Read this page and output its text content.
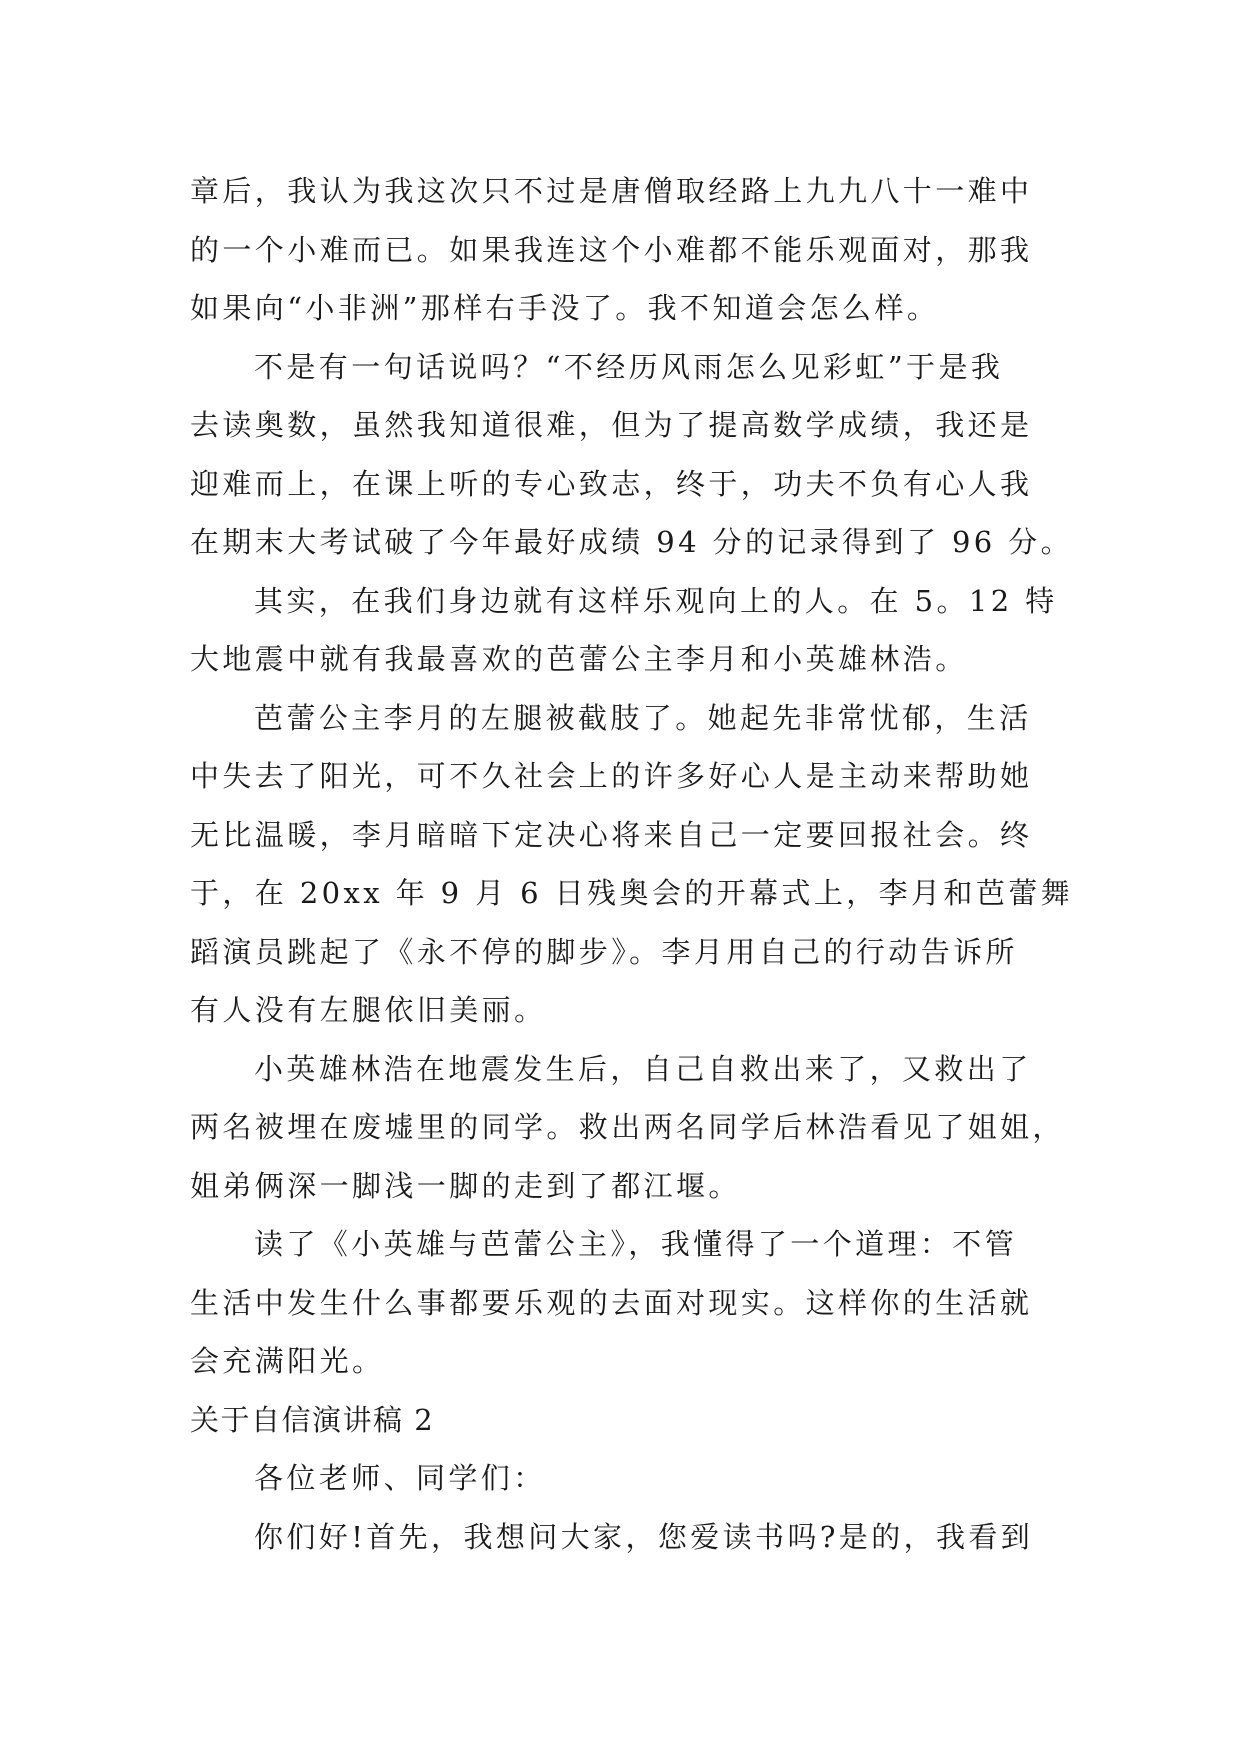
章后，我认为我这次只不过是唐僧取经路上九九八十一难中
的一个小难而已。如果我连这个小难都不能乐观面对，那我
如果向“小非洲”那样右手没了。我不知道会怎么样。
不是有一句话说吗？“不经历风雨怎么见彩虹”于是我
去读奥数，虽然我知道很难，但为了提高数学成绩，我还是
迎难而上，在课上听的专心致志，终于，功夫不负有心人我
在期末大考试破了今年最好成绩 94 分的记录得到了 96 分。
其实，在我们身边就有这样乐观向上的人。在 5。12 特
大地震中就有我最喜欢的芭蕾公主李月和小英雄林浩。
芭蕾公主李月的左腿被截肢了。她起先非常忧郁，生活
中失去了阳光，可不久社会上的许多好心人是主动来帮助她
无比温暖，李月暗暗下定决心将来自己一定要回报社会。终
于，在 20xx 年 9 月 6 日残奥会的开幕式上，李月和芭蕾舞
蹈演员跳起了《永不停的脚步》。李月用自己的行动告诉所
有人没有左腿依旧美丽。
小英雄林浩在地震发生后，自己自救出来了，又救出了
两名被埋在废墟里的同学。救出两名同学后林浩看见了姐姐，
姐弟俩深一脚浅一脚的走到了都江堰。
读了《小英雄与芭蕾公主》，我懂得了一个道理：不管
生活中发生什么事都要乐观的去面对现实。这样你的生活就
会充满阳光。
关于自信演讲稿 2
各位老师、同学们：
你们好!首先，我想问大家，您爱读书吗?是的，我看到
